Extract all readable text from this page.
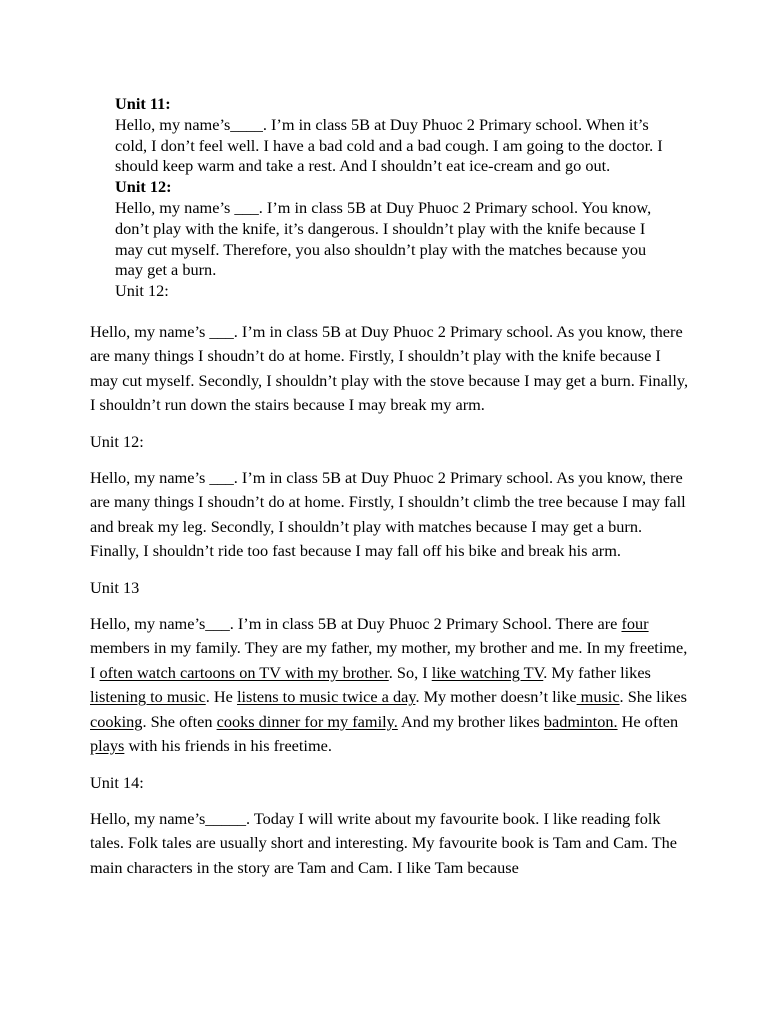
Unit 11:

Hello, my name’s____. I’m in class 5B at Duy Phuoc 2 Primary school. When it’s cold, I don’t feel well. I have a bad cold and a bad cough. I am going to the doctor. I should keep warm and take a rest. And I shouldn’t eat ice-cream and go out.

Unit 12:

Hello, my name’s ___. I’m in class 5B at Duy Phuoc 2 Primary school. You know, don’t play with the knife, it’s dangerous. I shouldn’t play with the knife because I may cut myself. Therefore, you also shouldn’t play with the matches because you may get a burn.

Unit 12:

Hello, my name’s ___. I’m in class 5B at Duy Phuoc 2 Primary school. As you know, there are many things I shoudn’t do at home. Firstly, I shouldn’t play with the knife because I may cut myself. Secondly, I shouldn’t play with the stove because I may get a burn. Finally, I shouldn’t run down the stairs because I may break my arm.

Unit 12:

Hello, my name’s ___. I’m in class 5B at Duy Phuoc 2 Primary school. As you know, there are many things I shoudn’t do at home. Firstly, I shouldn’t climb the tree because I may fall and break my leg. Secondly, I shouldn’t play with matches because I may get a burn. Finally, I shouldn’t ride too fast because I may fall off his bike and break his arm.

Unit 13

Hello, my name’s___. I’m in class 5B at Duy Phuoc 2 Primary School. There are four members in my family. They are my father, my mother, my brother and me. In my freetime, I often watch cartoons on TV with my brother. So, I like watching TV. My father likes listening to music. He listens to music twice a day. My mother doesn’t like music. She likes cooking. She often cooks dinner for my family. And my brother likes badminton. He often plays with his friends in his freetime.

Unit 14:

Hello, my name’s_____. Today I will write about my favourite book. I like reading folk tales. Folk tales are usually short and interesting. My favourite book is Tam and Cam. The main characters in the story are Tam and Cam. I like Tam because
